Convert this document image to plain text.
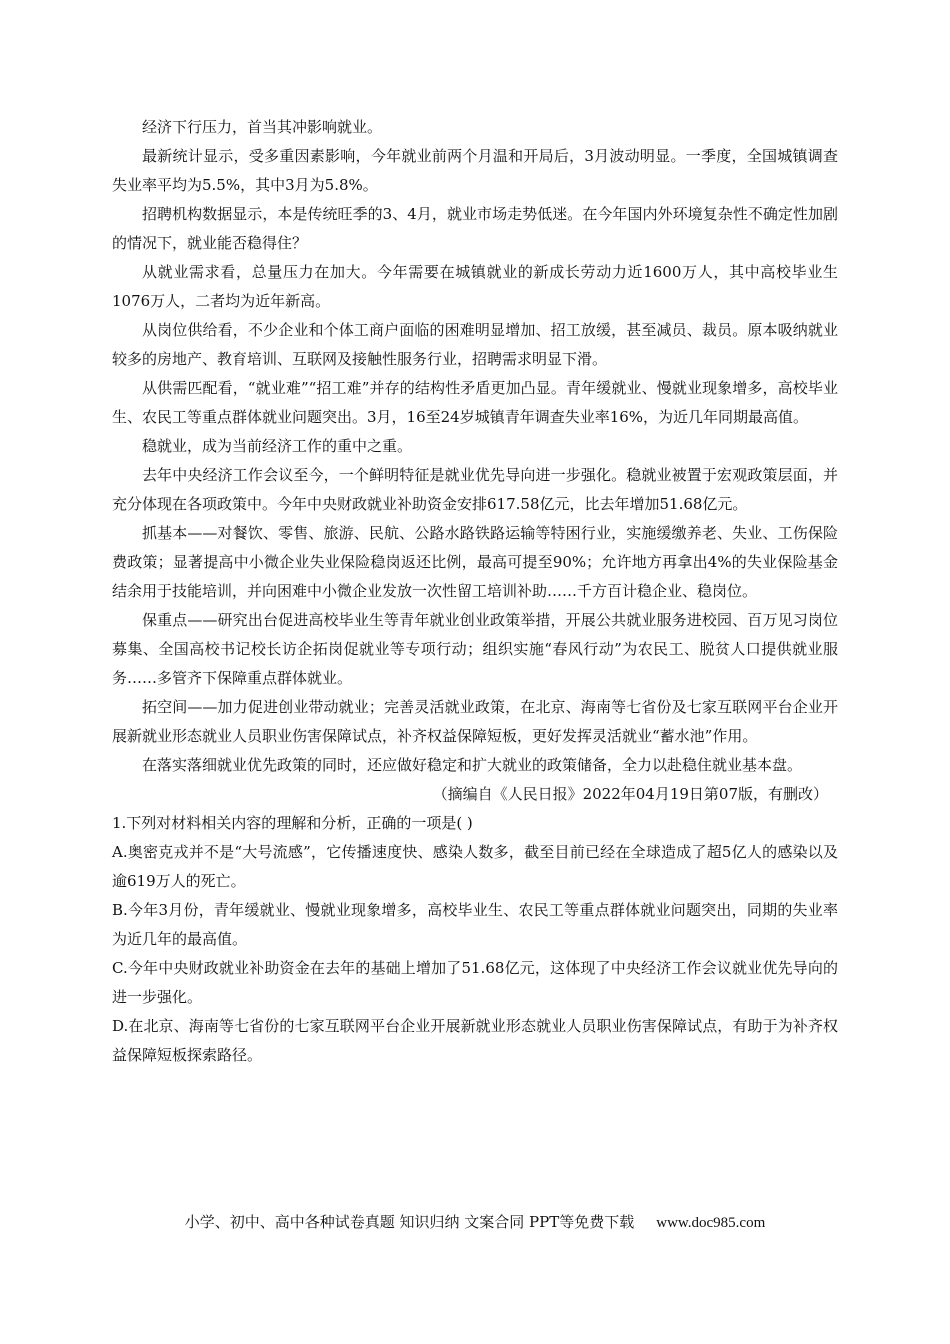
经济下行压力，首当其冲影响就业。

最新统计显示，受多重因素影响，今年就业前两个月温和开局后，3月波动明显。一季度，全国城镇调查失业率平均为5.5%，其中3月为5.8%。

招聘机构数据显示，本是传统旺季的3、4月，就业市场走势低迷。在今年国内外环境复杂性不确定性加剧的情况下，就业能否稳得住？

从就业需求看，总量压力在加大。今年需要在城镇就业的新成长劳动力近1600万人，其中高校毕业生1076万人，二者均为近年新高。

从岗位供给看，不少企业和个体工商户面临的困难明显增加、招工放缓，甚至减员、裁员。原本吸纳就业较多的房地产、教育培训、互联网及接触性服务行业，招聘需求明显下滑。

从供需匹配看，“就业难”“招工难”并存的结构性矛盾更加凸显。青年缓就业、慢就业现象增多，高校毕业生、农民工等重点群体就业问题突出。3月，16至24岁城镇青年调查失业率16%，为近几年同期最高值。

稳就业，成为当前经济工作的重中之重。

去年中央经济工作会议至今，一个鲜明特征是就业优先导向进一步强化。稳就业被置于宏观政策层面，并充分体现在各项政策中。今年中央财政就业补助资金安排617.58亿元，比去年增加51.68亿元。

抓基本——对餐饮、零售、旅游、民航、公路水路铁路运输等特困行业，实施缓缴养老、失业、工伤保险费政策；显著提高中小微企业失业保险稳岗返还比例，最高可提至90%；允许地方再拿出4%的失业保险基金结余用于技能培训，并向困难中小微企业发放一次性留工培训补助……千方百计稳企业、稳岗位。

保重点——研究出台促进高校毕业生等青年就业创业政策举措，开展公共就业服务进校园、百万见习岗位募集、全国高校书记校长访企拓岗促就业等专项行动；组织实施“春风行动”为农民工、脱贫人口提供就业服务……多管齐下保障重点群体就业。

拓空间——加力促进创业带动就业；完善灵活就业政策，在北京、海南等七省份及七家互联网平台企业开展新就业形态就业人员职业伤害保障试点，补齐权益保障短板，更好发挥灵活就业“蓄水池”作用。

在落实落细就业优先政策的同时，还应做好稳定和扩大就业的政策储备，全力以赴稳住就业基本盘。

（摘编自《人民日报》2022年04月19日第07版，有删改）

1.下列对材料相关内容的理解和分析，正确的一项是( )

A.奥密克戎并不是“大号流感”，它传播速度快、感染人数多，截至目前已经在全球造成了超5亿人的感染以及逾619万人的死亡。

B.今年3月份，青年缓就业、慢就业现象增多，高校毕业生、农民工等重点群体就业问题突出，同期的失业率为近几年的最高值。

C.今年中央财政就业补助资金在去年的基础上增加了51.68亿元，这体现了中央经济工作会议就业优先导向的进一步强化。

D.在北京、海南等七省份的七家互联网平台企业开展新就业形态就业人员职业伤害保障试点，有助于为补齐权益保障短板探索路径。

小学、初中、高中各种试卷真题 知识归纳 文案合同 PPT等免费下载 www.doc985.com
